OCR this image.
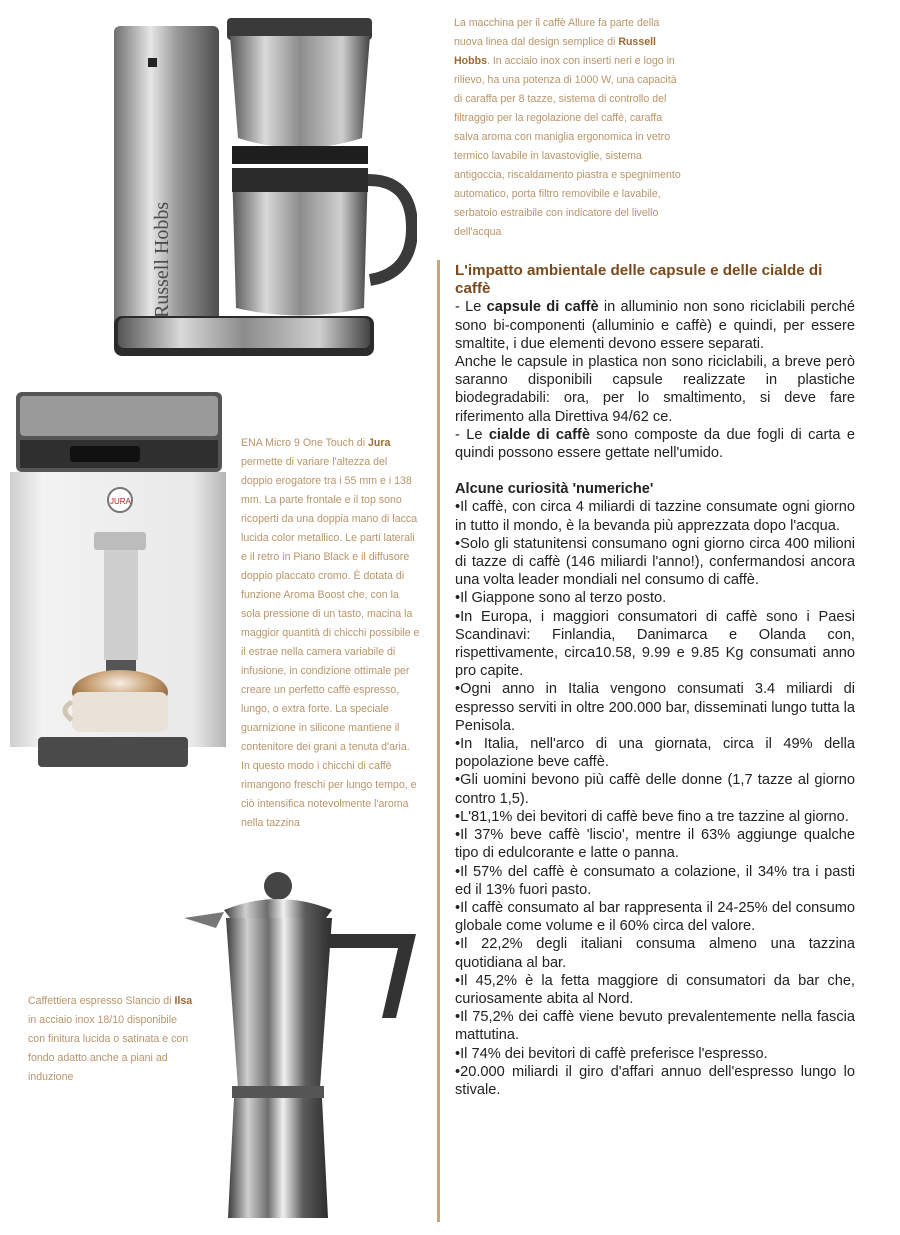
Russell Hobbs
La macchina per il caffè Allure fa parte della nuova linea dal design semplice di Russell Hobbs. In acciaio inox con inserti neri e logo in rilievo, ha una potenza di 1000 W, una capacità di caraffa per 8 tazze, sistema di controllo del filtraggio per la regolazione del caffè, caraffa salva aroma con maniglia ergonomica in vetro termico lavabile in lavastoviglie, sistema antigoccia, riscaldamento piastra e spegnimento automatico, porta filtro removibile e lavabile, serbatoio estraibile con indicatore del livello dell'acqua
JURA
ENA Micro 9 One Touch di Jura permette di variare l'altezza del doppio erogatore tra i 55 mm e i 138 mm. La parte frontale e il top sono ricoperti da una doppia mano di lacca lucida color metallico. Le parti laterali e il retro in Piano Black e il diffusore doppio placcato cromo. È dotata di funzione Aroma Boost che, con la sola pressione di un tasto, macina la maggior quantità di chicchi possibile e il estrae nella camera variabile di infusione, in condizione ottimale per creare un perfetto caffè espresso, lungo, o extra forte. La speciale guarnizione in silicone mantiene il contenitore dei grani a tenuta d'aria. In questo modo i chicchi di caffè rimangono freschi per lungo tempo, e ciò intensifica notevolmente l'aroma nella tazzina
Caffettiera espresso Slancio di Ilsa in acciaio inox 18/10 disponibile con finitura lucida o satinata e con fondo adatto anche a piani ad induzione
L'impatto ambientale delle capsule e delle cialde di caffè

- Le capsule di caffè in alluminio non sono riciclabili perché sono bi-componenti (alluminio e caffè) e quindi, per essere smaltite, i due elementi devono essere separati.

Anche le capsule in plastica non sono riciclabili, a breve però saranno disponibili capsule realizzate in plastiche biodegradabili: ora, per lo smaltimento, si deve fare riferimento alla Direttiva 94/62 ce.

- Le cialde di caffè sono composte da due fogli di carta e quindi possono essere gettate nell'umido.

Alcune curiosità 'numeriche'
• Il caffè, con circa 4 miliardi di tazzine consumate ogni giorno in tutto il mondo, è la bevanda più apprezzata dopo l'acqua.
• Solo gli statunitensi consumano ogni giorno circa 400 milioni di tazze di caffè (146 miliardi l'anno!), confermandosi ancora una volta leader mondiali nel consumo di caffè.
• Il Giappone sono al terzo posto.
• In Europa, i maggiori consumatori di caffè sono i Paesi Scandinavi: Finlandia, Danimarca e Olanda con, rispettivamente, circa10.58, 9.99 e 9.85 Kg consumati anno pro capite.
• Ogni anno in Italia vengono consumati 3.4 miliardi di espresso serviti in oltre 200.000 bar, disseminati lungo tutta la Penisola.
• In Italia, nell'arco di una giornata, circa il 49% della popolazione beve caffè.
• Gli uomini bevono più caffè delle donne (1,7 tazze al giorno contro 1,5).
• L'81,1% dei bevitori di caffè beve fino a tre tazzine al giorno.
• Il 37% beve caffè 'liscio', mentre il 63% aggiunge qualche tipo di edulcorante e latte o panna.
• Il 57% del caffè è consumato a colazione, il 34% tra i pasti ed il 13% fuori pasto.
• Il caffè consumato al bar rappresenta il 24-25% del consumo globale come volume e il 60% circa del valore.
• Il 22,2% degli italiani consuma almeno una tazzina quotidiana al bar.
• Il 45,2% è la fetta maggiore di consumatori da bar che, curiosamente abita al Nord.
• Il 75,2% dei caffè viene bevuto prevalentemente nella fascia mattutina.
• Il 74% dei bevitori di caffè preferisce l'espresso.
• 20.000 miliardi il giro d'affari annuo dell'espresso lungo lo stivale.
